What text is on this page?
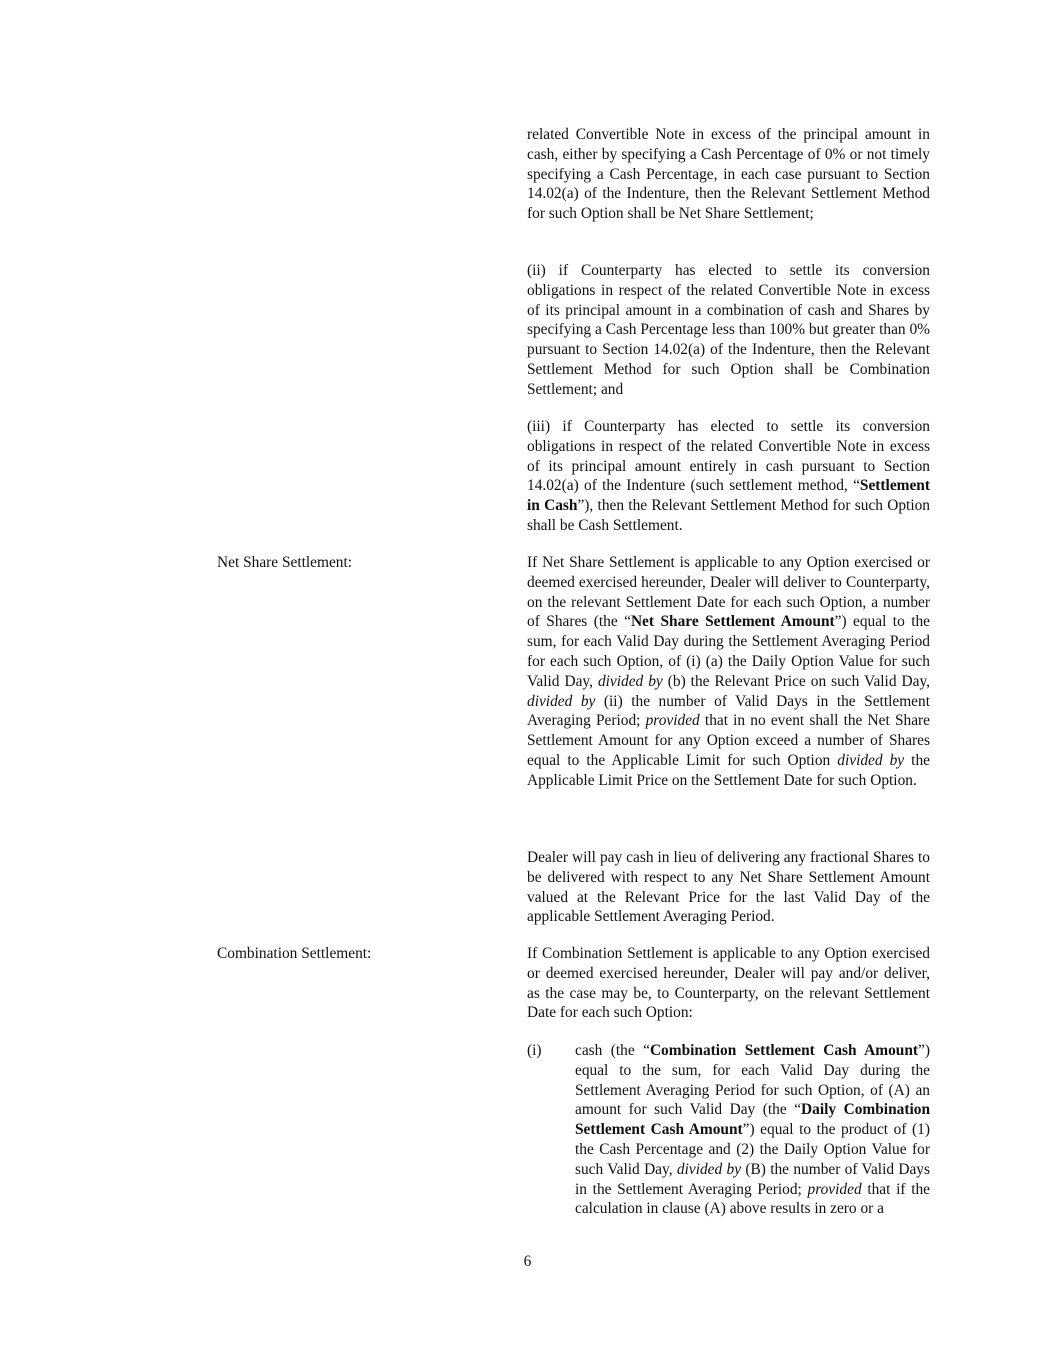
related Convertible Note in excess of the principal amount in cash, either by specifying a Cash Percentage of 0% or not timely specifying a Cash Percentage, in each case pursuant to Section 14.02(a) of the Indenture, then the Relevant Settlement Method for such Option shall be Net Share Settlement;

(ii) if Counterparty has elected to settle its conversion obligations in respect of the related Convertible Note in excess of its principal amount in a combination of cash and Shares by specifying a Cash Percentage less than 100% but greater than 0% pursuant to Section 14.02(a) of the Indenture, then the Relevant Settlement Method for such Option shall be Combination Settlement; and

(iii) if Counterparty has elected to settle its conversion obligations in respect of the related Convertible Note in excess of its principal amount entirely in cash pursuant to Section 14.02(a) of the Indenture (such settlement method, “Settlement in Cash”), then the Relevant Settlement Method for such Option shall be Cash Settlement.

Net Share Settlement:	If Net Share Settlement is applicable to any Option exercised or deemed exercised hereunder, Dealer will deliver to Counterparty, on the relevant Settlement Date for each such Option, a number of Shares (the “Net Share Settlement Amount”) equal to the sum, for each Valid Day during the Settlement Averaging Period for each such Option, of (i) (a) the Daily Option Value for such Valid Day, divided by (b) the Relevant Price on such Valid Day, divided by (ii) the number of Valid Days in the Settlement Averaging Period; provided that in no event shall the Net Share Settlement Amount for any Option exceed a number of Shares equal to the Applicable Limit for such Option divided by the Applicable Limit Price on the Settlement Date for such Option.

Dealer will pay cash in lieu of delivering any fractional Shares to be delivered with respect to any Net Share Settlement Amount valued at the Relevant Price for the last Valid Day of the applicable Settlement Averaging Period.

Combination Settlement:	If Combination Settlement is applicable to any Option exercised or deemed exercised hereunder, Dealer will pay and/or deliver, as the case may be, to Counterparty, on the relevant Settlement Date for each such Option:

(i) cash (the “Combination Settlement Cash Amount”) equal to the sum, for each Valid Day during the Settlement Averaging Period for such Option, of (A) an amount for such Valid Day (the “Daily Combination Settlement Cash Amount”) equal to the product of (1) the Cash Percentage and (2) the Daily Option Value for such Valid Day, divided by (B) the number of Valid Days in the Settlement Averaging Period; provided that if the calculation in clause (A) above results in zero or a

6
